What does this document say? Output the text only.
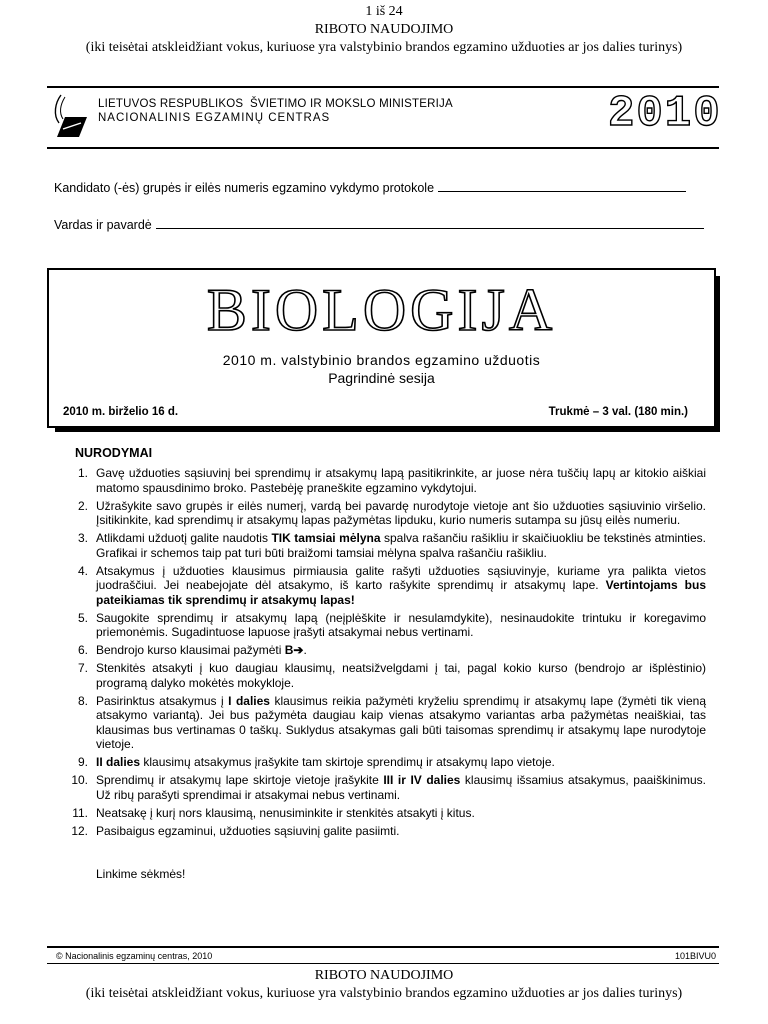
1 iš 24
RIBOTO NAUDOJIMO
(iki teisėtai atskleidžiant vokus, kuriuose yra valstybinio brandos egzamino užduoties ar jos dalies turinys)
LIETUVOS RESPUBLIKOS  ŠVIETIMO IR MOKSLO MINISTERIJA
NACIONALINIS EGZAMINŲ CENTRAS	2010
Kandidato (-ės) grupės ir eilės numeris egzamino vykdymo protokole
Vardas ir pavardė
BIOLOGIJA
2010 m. valstybinio brandos egzamino užduotis
Pagrindinė sesija
2010 m. birželio 16 d.	Trukmė – 3 val. (180 min.)
NURODYMAI
1. Gavę užduoties sąsiuvinį bei sprendimų ir atsakymų lapą pasitikrinkite, ar juose nėra tuščių lapų ar kitokio aiškiai matomo spausdinimo broko. Pastebėję praneškite egzamino vykdytojui.
2. Užrašykite savo grupės ir eilės numerį, vardą bei pavardę nurodytoje vietoje ant šio užduoties sąsiuvinio viršelio. Įsitikinkite, kad sprendimų ir atsakymų lapas pažymėtas lipduku, kurio numeris sutampa su jūsų eilės numeriu.
3. Atlikdami užduotį galite naudotis TIK tamsiai mėlyna spalva rašančiu rašikliu ir skaičiuokliu be tekstinės atminties. Grafikai ir schemos taip pat turi būti braižomi tamsiai mėlyna spalva rašančiu rašikliu.
4. Atsakymus į užduoties klausimus pirmiausia galite rašyti užduoties sąsiuvinyje, kuriame yra palikta vietos juodraščiui. Jei neabejojate dėl atsakymo, iš karto rašykite sprendimų ir atsakymų lape. Vertintojams bus pateikiamas tik sprendimų ir atsakymų lapas!
5. Saugokite sprendimų ir atsakymų lapą (neįplėškite ir nesulamdykite), nesinaudokite trintuku ir koregavimo priemonėmis. Sugadintuose lapuose įrašyti atsakymai nebus vertinami.
6. Bendrojo kurso klausimai pažymėti B➔.
7. Stenkitės atsakyti į kuo daugiau klausimų, neatsižvelgdami į tai, pagal kokio kurso (bendrojo ar išplėstinio) programą dalyko mokėtės mokykloje.
8. Pasirinktus atsakymus į I dalies klausimus reikia pažymėti kryželiu sprendimų ir atsakymų lape (žymėti tik vieną atsakymo variantą). Jei bus pažymėta daugiau kaip vienas atsakymo variantas arba pažymėtas neaiškiai, tas klausimas bus vertinamas 0 taškų. Suklydus atsakymas gali būti taisomas sprendimų ir atsakymų lape nurodytoje vietoje.
9. II dalies klausimų atsakymus įrašykite tam skirtoje sprendimų ir atsakymų lapo vietoje.
10. Sprendimų ir atsakymų lape skirtoje vietoje įrašykite III ir IV dalies klausimų išsamius atsakymus, paaiškinimus. Už ribų parašyti sprendimai ir atsakymai nebus vertinami.
11. Neatsakę į kurį nors klausimą, nenusiminkite ir stenkitės atsakyti į kitus.
12. Pasibaigus egzaminui, užduoties sąsiuvinį galite pasiimti.
Linkime sėkmės!
© Nacionalinis egzaminų centras, 2010	101BIVU0
RIBOTO NAUDOJIMO
(iki teisėtai atskleidžiant vokus, kuriuose yra valstybinio brandos egzamino užduoties ar jos dalies turinys)
